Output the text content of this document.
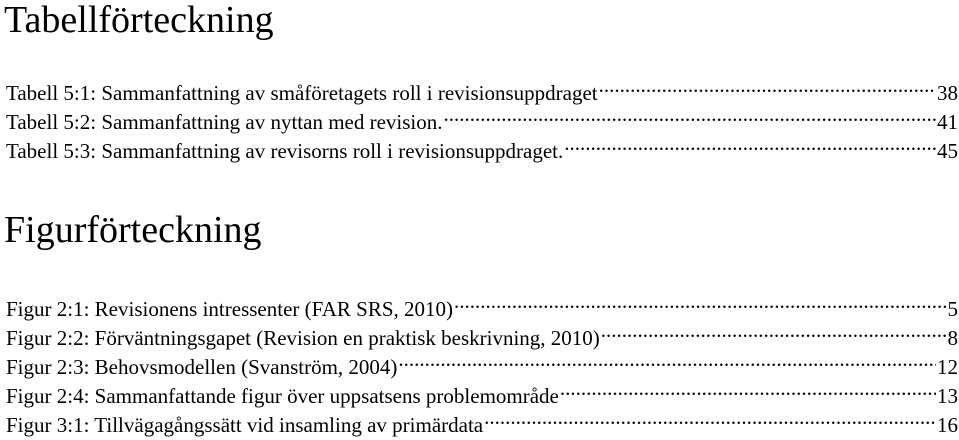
Tabellförteckning
Tabell 5:1: Sammanfattning av småföretagets roll i revisionsuppdraget .....	38
Tabell 5:2: Sammanfattning av nyttan med revision. .....	41
Tabell 5:3: Sammanfattning av revisorns roll i revisionsuppdraget. .....	45
Figurförteckning
Figur 2:1: Revisionens intressenter (FAR SRS, 2010) .....	5
Figur 2:2: Förväntningsgapet (Revision en praktisk beskrivning, 2010) .....	8
Figur 2:3: Behovsmodellen (Svanström, 2004) .....	12
Figur 2:4: Sammanfattande figur över uppsatsens problemområde .....	13
Figur 3:1: Tillvägagångssätt vid insamling av primärdata .....	16
